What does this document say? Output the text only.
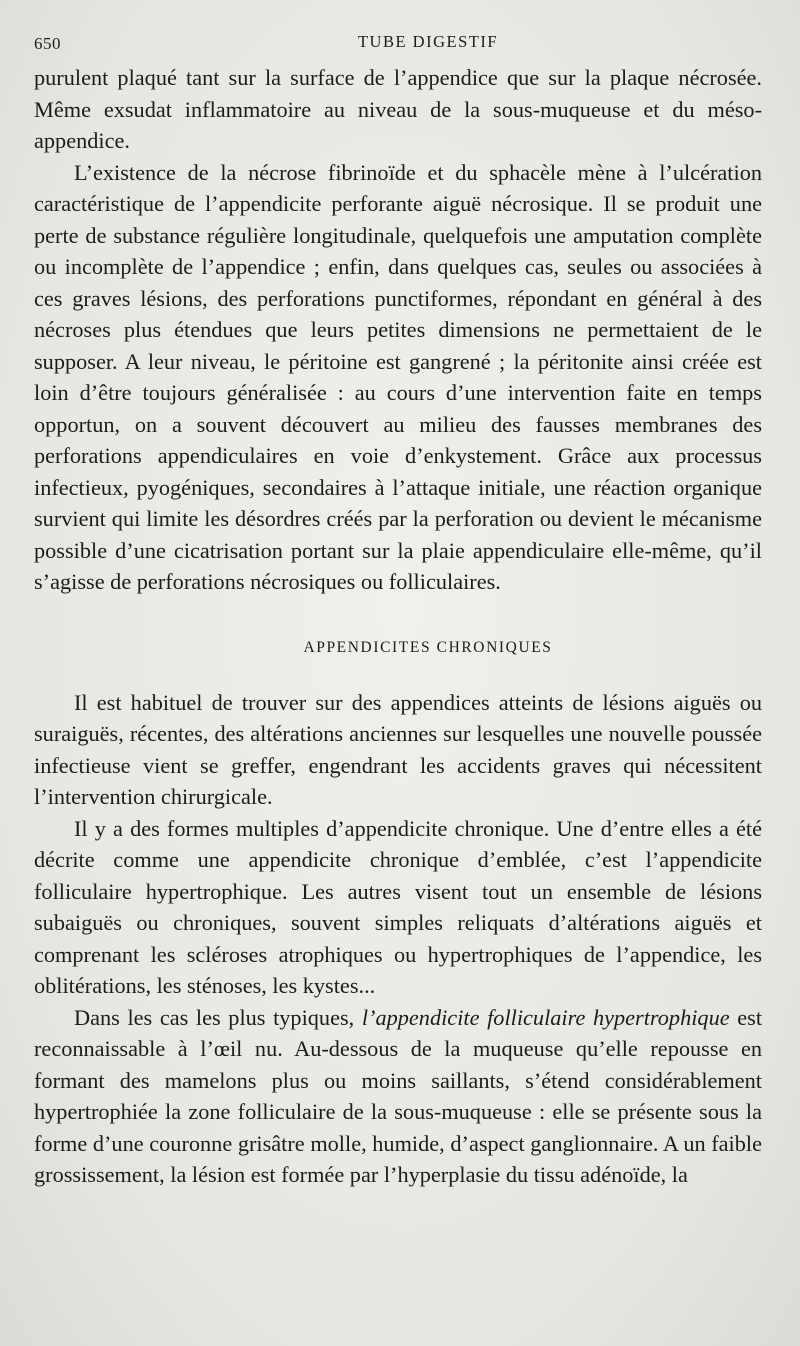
650	TUBE DIGESTIF

purulent plaqué tant sur la surface de l’appendice que sur la plaque nécrosée. Même exsudat inflammatoire au niveau de la sous-muqueuse et du méso-appendice.

L’existence de la nécrose fibrinoïde et du sphacèle mène à l’ulcération caractéristique de l’appendicite perforante aiguë nécrosique. Il se produit une perte de substance régulière longitudinale, quelquefois une amputation complète ou incomplète de l’appendice ; enfin, dans quelques cas, seules ou associées à ces graves lésions, des perforations punctiformes, répondant en général à des nécroses plus étendues que leurs petites dimensions ne permettaient de le supposer. A leur niveau, le péritoine est gangrené ; la péritonite ainsi créée est loin d’être toujours généralisée : au cours d’une intervention faite en temps opportun, on a souvent découvert au milieu des fausses membranes des perforations appendiculaires en voie d’enkystement. Grâce aux processus infectieux, pyogéniques, secondaires à l’attaque initiale, une réaction organique survient qui limite les désordres créés par la perforation ou devient le mécanisme possible d’une cicatrisation portant sur la plaie appendiculaire elle-même, qu’il s’agisse de perforations nécrosiques ou folliculaires.

APPENDICITES CHRONIQUES

Il est habituel de trouver sur des appendices atteints de lésions aiguës ou suraiguës, récentes, des altérations anciennes sur lesquelles une nouvelle poussée infectieuse vient se greffer, engendrant les accidents graves qui nécessitent l’intervention chirurgicale.

Il y a des formes multiples d’appendicite chronique. Une d’entre elles a été décrite comme une appendicite chronique d’emblée, c’est l’appendicite folliculaire hypertrophique. Les autres visent tout un ensemble de lésions subaiguës ou chroniques, souvent simples reliquats d’altérations aiguës et comprenant les scléroses atrophiques ou hypertrophiques de l’appendice, les oblitérations, les sténoses, les kystes...

Dans les cas les plus typiques, l’appendicite folliculaire hypertrophique est reconnaissable à l’œil nu. Au-dessous de la muqueuse qu’elle repousse en formant des mamelons plus ou moins saillants, s’étend considérablement hypertrophiée la zone folliculaire de la sous-muqueuse : elle se présente sous la forme d’une couronne grisâtre molle, humide, d’aspect ganglionnaire. A un faible grossissement, la lésion est formée par l’hyperplasie du tissu adénoïde, la
